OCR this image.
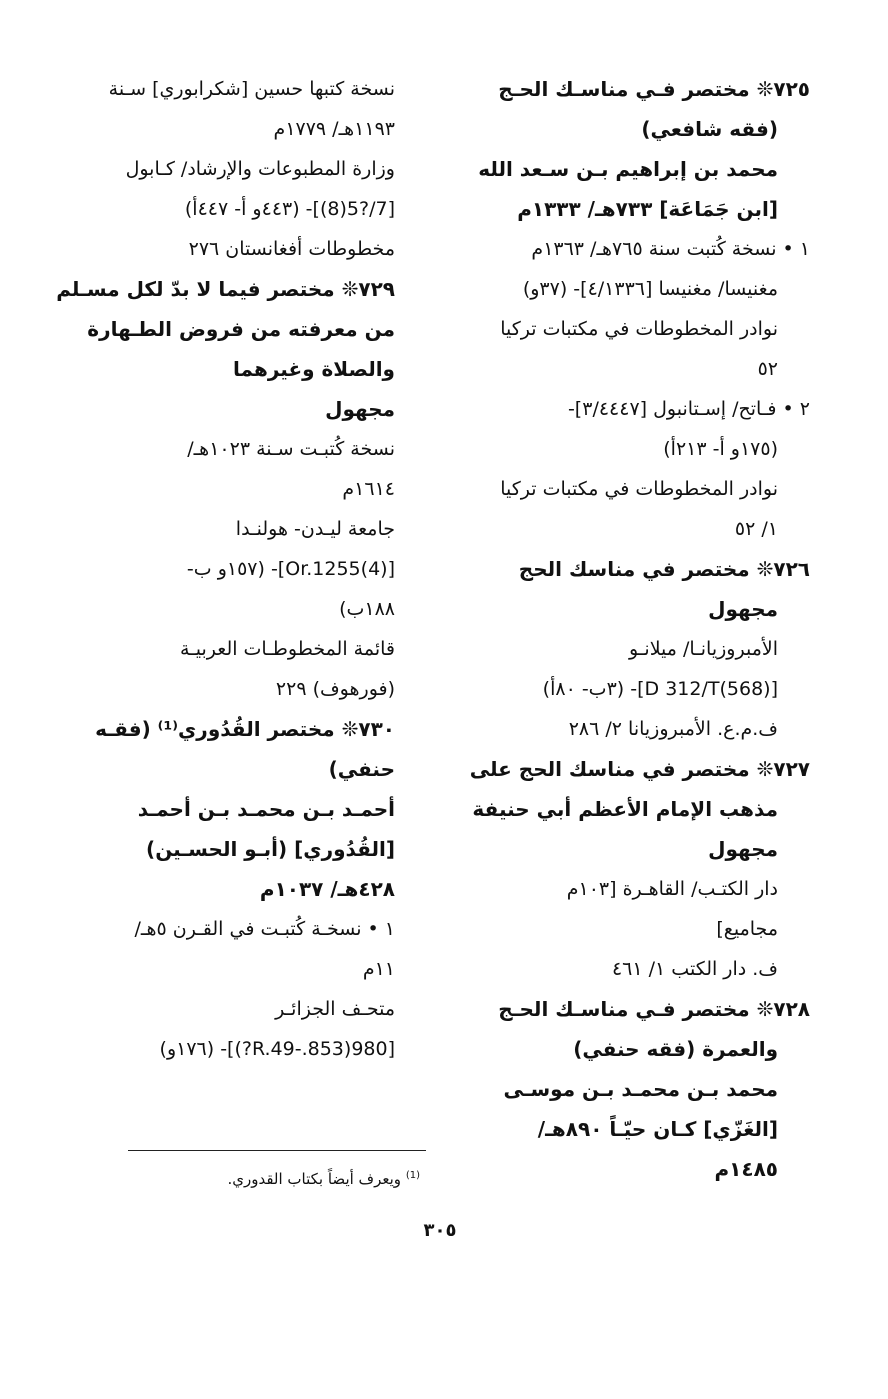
٧٢٥❊ مختصر فـي مناسـك الحـج
(فقه شافعي)
محمد بن إبراهيم بـن سـعد الله
[ابن جَمَاعَة] ٧٣٣هـ/ ١٣٣٣م
١ • نسخة كُتبت سنة ٧٦٥هـ/ ١٣٦٣م
مغنيسا/ مغنيسا [٤/١٣٣٦]- (٣٧و)
نوادر المخطوطات في مكتبات تركيا
٥٢
٢ • فـاتح/ إسـتانبول [٣/٤٤٤٧]-
(١٧٥و أ- ٢١٣أ)
نوادر المخطوطات في مكتبات تركيا
١/ ٥٢
٧٢٦❊ مختصر في مناسك الحج
مجهول
الأمبروزيانـا/ ميلانـو
[D 312/T(568)]- (٣ب- ٨٠أ)
ف.م.ع. الأمبروزيانا ٢/ ٢٨٦
٧٢٧❊ مختصر في مناسك الحج على
مذهب الإمام الأعظم أبي حنيفة
مجهول
دار الكتـب/ القاهـرة [١٠٣م
مجاميع]
ف. دار الكتب ١/ ٤٦١
٧٢٨❊ مختصر فـي مناسـك الحـج
والعمرة (فقه حنفي)
محمد بـن محمـد بـن موسـى
[الغَزّي] كـان حيّـاً ٨٩٠هـ/
١٤٨٥م
نسخة كتبها حسين [شكرابوري] سـنة
١١٩٣هـ/ ١٧٧٩م
وزارة المطبوعات والإرشاد/ كـابول
[7/?5(8)]- (٤٤٣و أ- ٤٤٧أ)
مخطوطات أفغانستان ٢٧٦
٧٢٩❊ مختصر فيما لا بدّ لكل مسـلم
من معرفته من فروض الطـهارة
والصلاة وغيرهما
مجهول
نسخة كُتبـت سـنة ١٠٢٣هـ/
١٦١٤م
جامعة ليـدن- هولنـدا
[Or.1255(4)]- (١٥٧و ب-
١٨٨ب)
قائمة المخطوطـات العربيـة
(فورهوف) ٢٢٩
٧٣٠❊ مختصر القُدُوري⁽¹⁾ (فقـه
حنفي)
أحمـد بـن محمـد بـن أحمـد
[القُدُوري] (أبـو الحسـين)
٤٢٨هـ/ ١٠٣٧م
١ • نسخـة كُتبـت في القـرن ٥هـ/
١١م
متحـف الجزائـر
[980(853.-R.49?)]- (١٧٦و)
$^{(1)}$ ويعرف أيضاً بكتاب القدوري.
٣٠٥
